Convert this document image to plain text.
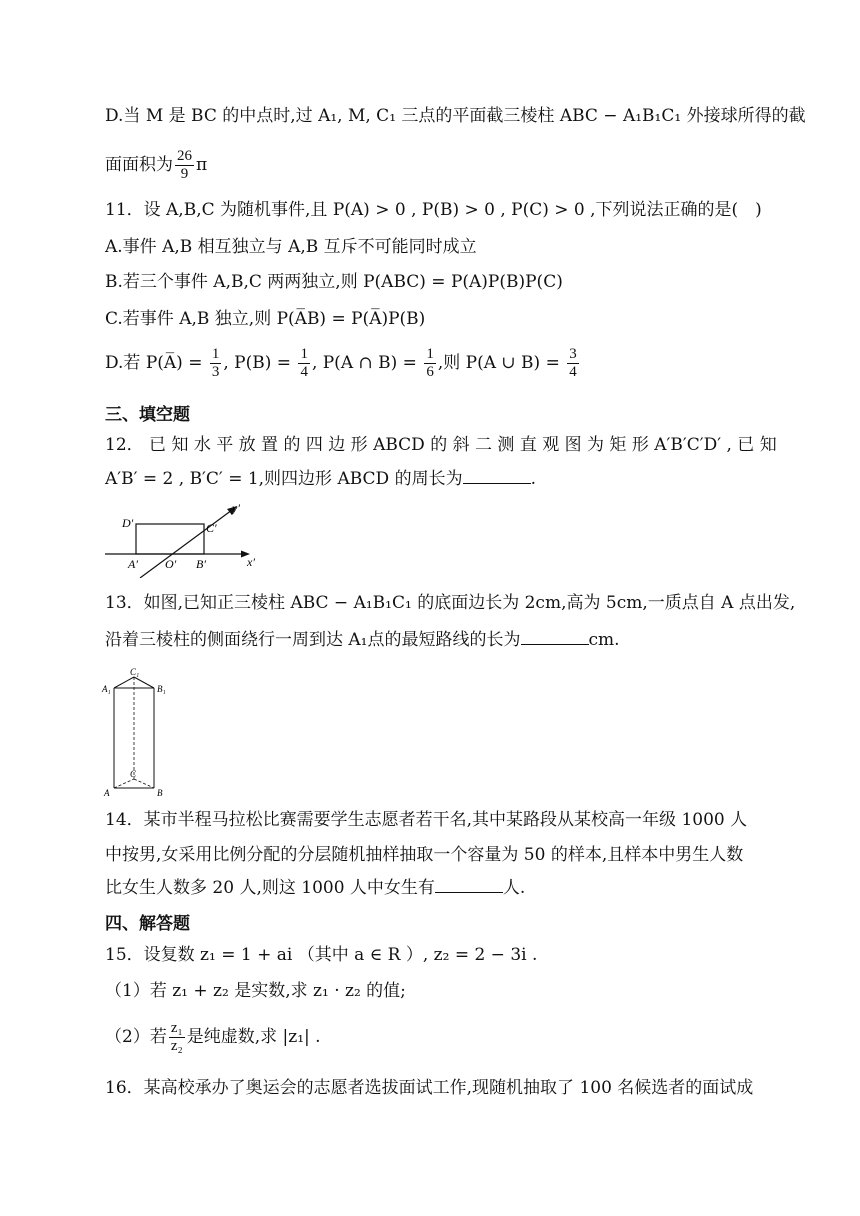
D.当 M 是 BC 的中点时,过 A₁, M, C₁ 三点的平面截三棱柱 ABC − A₁B₁C₁ 外接球所得的截
面面积为 $\frac{26}{9}$ π
11．设 A,B,C 为随机事件,且 P(A) > 0 , P(B) > 0 , P(C) > 0 ,下列说法正确的是(　)
A.事件 A,B 相互独立与 A,B 互斥不可能同时成立
B.若三个事件 A,B,C 两两独立,则 P(ABC) = P(A)P(B)P(C)
C.若事件 A,B 独立,则 P(A̅B) = P(A̅)P(B)
D.若 P(A̅) = $\frac{1}{3}$ , $P(B) = \frac{1}{4}$ , P(A ∩ $B) = \frac{1}{6}$ ,则 P(A ∪ $B) = \frac{3}{4}$
三、填空题
12． 已 知 水 平 放 置 的 四 边 形 ABCD 的 斜 二 测 直 观 图 为 矩 形 A′B′C′D′ , 已 知
A′B′ = 2 , B′C′ = 1,则四边形 ABCD 的周长为	.
D′	C′
A′ O′ B′	x′
y′
13．如图,已知正三棱柱 ABC − A₁B₁C₁ 的底面边长为 2cm,高为 5cm,一质点自 A 点出发,
沿着三棱柱的侧面绕行一周到达 A₁点的最短路线的长为	cm.
C₁
A₁	B₁
C
A	B
14．某市半程马拉松比赛需要学生志愿者若干名,其中某路段从某校高一年级 1000 人
中按男,女采用比例分配的分层随机抽样抽取一个容量为 50 的样本,且样本中男生人数
比女生人数多 20 人,则这 1000 人中女生有	人.
四、解答题
15．设复数 z₁ = 1 + ai （其中 a ∈ R ）, z₂ = 2 − 3i .
（1）若 z₁ + z₂ 是实数,求 z₁ · z₂ 的值;
（2）若 $\frac{\text{z₁}}{\text{z₂}}$ 是纯虚数,求 |z₁| .
16．某高校承办了奥运会的志愿者选拔面试工作,现随机抽取了 100 名候选者的面试成
